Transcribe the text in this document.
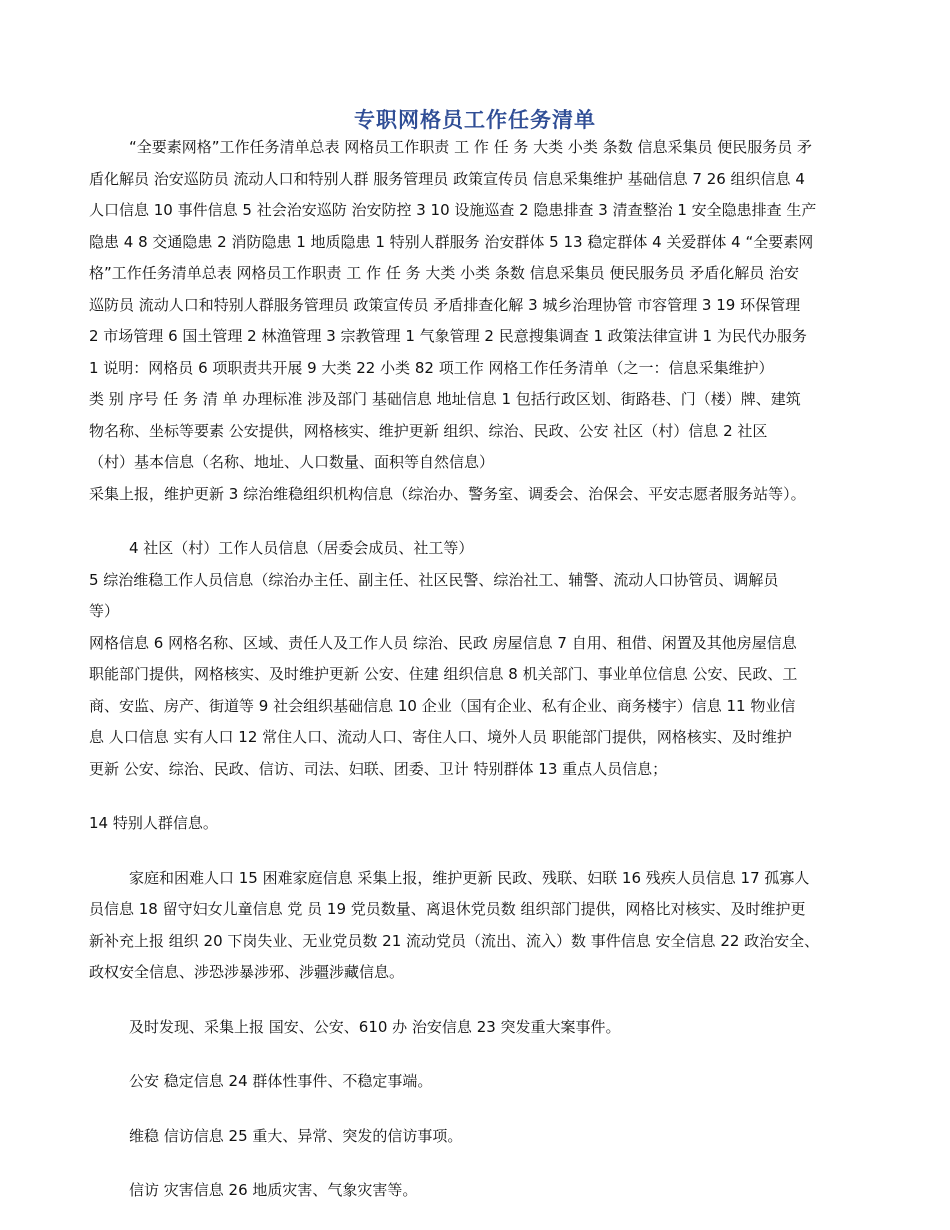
专职网格员工作任务清单
“全要素网格”工作任务清单总表 网格员工作职责 工 作 任 务 大类 小类 条数 信息采集员 便民服务员 矛
盾化解员 治安巡防员 流动人口和特别人群 服务管理员 政策宣传员 信息采集维护 基础信息 7 26 组织信息 4
人口信息 10 事件信息 5 社会治安巡防 治安防控 3 10 设施巡查 2 隐患排查 3 清查整治 1 安全隐患排查 生产
隐患 4 8 交通隐患 2 消防隐患 1 地质隐患 1 特别人群服务 治安群体 5 13 稳定群体 4 关爱群体 4 “全要素网
格”工作任务清单总表 网格员工作职责 工 作 任 务 大类 小类 条数 信息采集员 便民服务员 矛盾化解员 治安
巡防员 流动人口和特别人群服务管理员 政策宣传员 矛盾排查化解 3 城乡治理协管 市容管理 3 19 环保管理
2 市场管理 6 国土管理 2 林渔管理 3 宗教管理 1 气象管理 2 民意搜集调查 1 政策法律宣讲 1 为民代办服务
1 说明：网格员 6 项职责共开展 9 大类 22 小类 82 项工作 网格工作任务清单（之一：信息采集维护）
类 别 序号 任 务 清 单 办理标准 涉及部门 基础信息 地址信息 1 包括行政区划、街路巷、门（楼）牌、建筑
物名称、坐标等要素 公安提供，网格核实、维护更新 组织、综治、民政、公安 社区（村）信息 2 社区
（村）基本信息（名称、地址、人口数量、面积等自然信息）
采集上报，维护更新 3 综治维稳组织机构信息（综治办、警务室、调委会、治保会、平安志愿者服务站等）。
4 社区（村）工作人员信息（居委会成员、社工等）
5 综治维稳工作人员信息（综治办主任、副主任、社区民警、综治社工、辅警、流动人口协管员、调解员
等）
网格信息 6 网格名称、区域、责任人及工作人员 综治、民政 房屋信息 7 自用、租借、闲置及其他房屋信息
职能部门提供，网格核实、及时维护更新 公安、住建 组织信息 8 机关部门、事业单位信息 公安、民政、工
商、安监、房产、街道等 9 社会组织基础信息 10 企业（国有企业、私有企业、商务楼宇）信息 11 物业信
息 人口信息 实有人口 12 常住人口、流动人口、寄住人口、境外人员 职能部门提供，网格核实、及时维护
更新 公安、综治、民政、信访、司法、妇联、团委、卫计 特别群体 13 重点人员信息；
14 特别人群信息。
家庭和困难人口 15 困难家庭信息 采集上报，维护更新 民政、残联、妇联 16 残疾人员信息 17 孤寡人
员信息 18 留守妇女儿童信息 党 员 19 党员数量、离退休党员数 组织部门提供，网格比对核实、及时维护更
新补充上报 组织 20 下岗失业、无业党员数 21 流动党员（流出、流入）数 事件信息 安全信息 22 政治安全、
政权安全信息、涉恐涉暴涉邪、涉疆涉藏信息。
及时发现、采集上报 国安、公安、610 办 治安信息 23 突发重大案事件。
公安 稳定信息 24 群体性事件、不稳定事端。
维稳 信访信息 25 重大、异常、突发的信访事项。
信访 灾害信息 26 地质灾害、气象灾害等。
